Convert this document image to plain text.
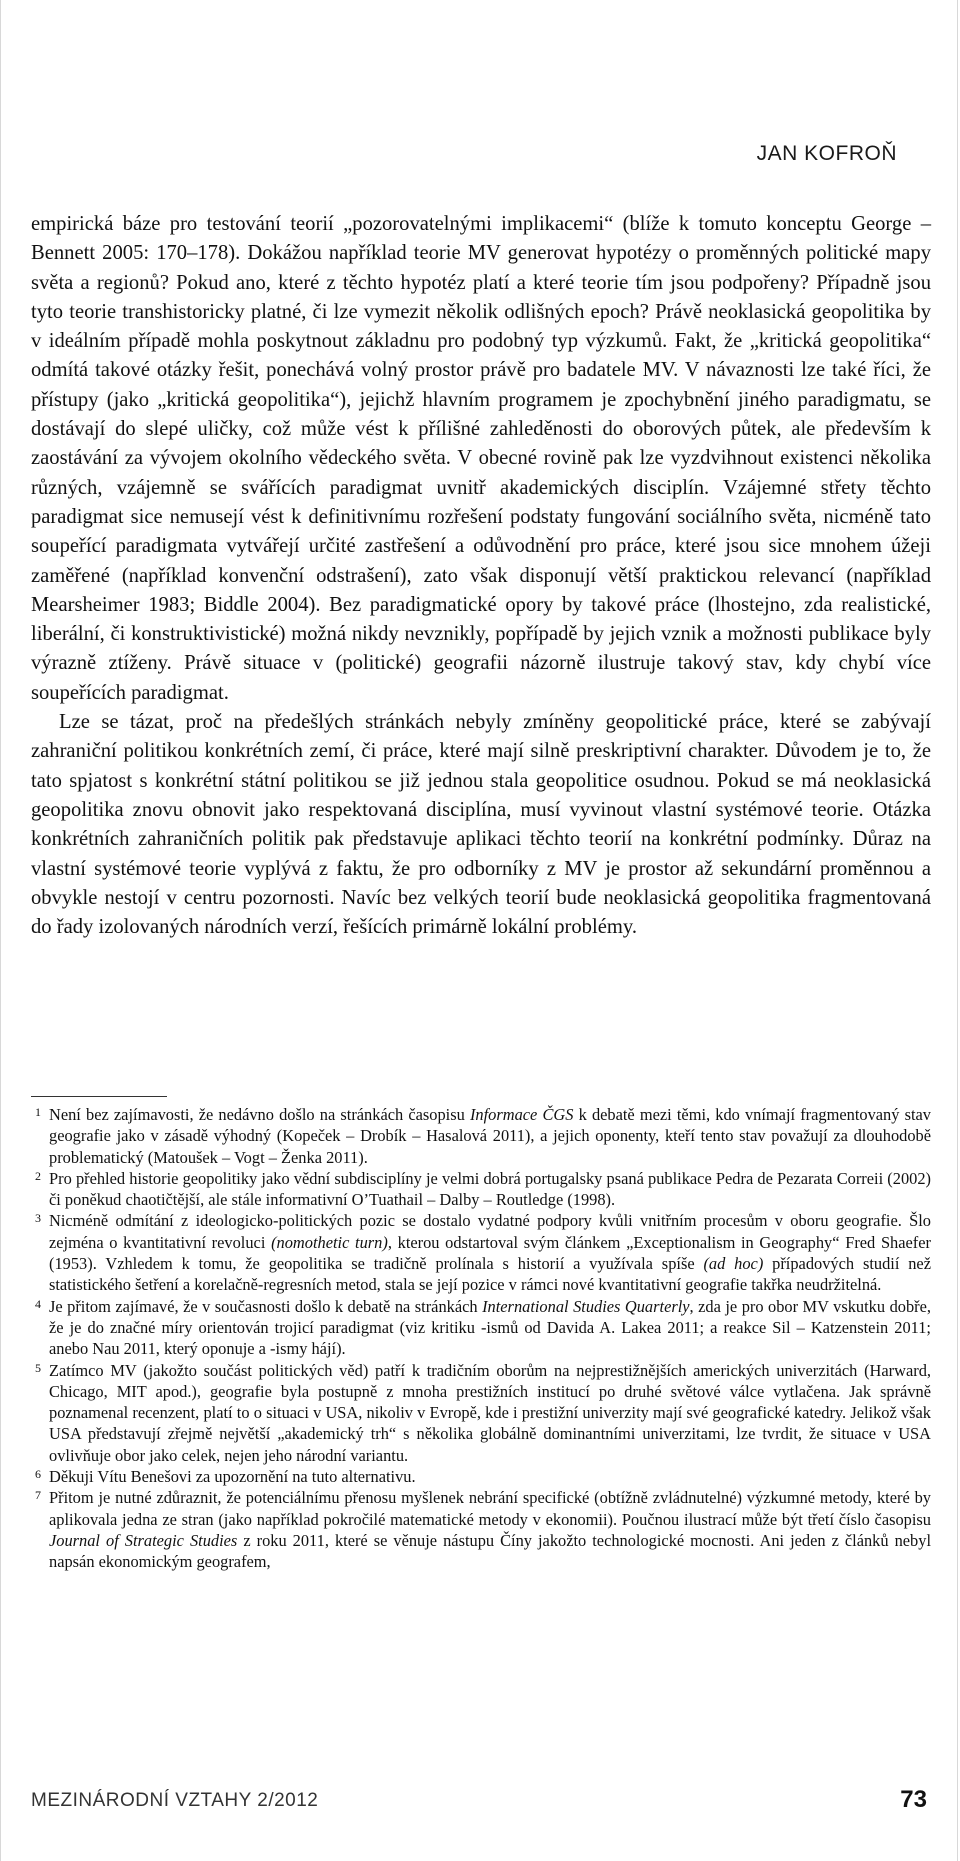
JAN KOFROŇ

empirická báze pro testování teorií „pozorovatelnými implikacemi“ (blíže k tomuto konceptu George – Bennett 2005: 170–178). Dokážou například teorie MV generovat hypotézy o proměnných politické mapy světa a regionů? Pokud ano, které z těchto hypotéz platí a které teorie tím jsou podpořeny? Případně jsou tyto teorie transhistoricky platné, či lze vymezit několik odlišných epoch? Právě neoklasická geopolitika by v ideálním případě mohla poskytnout základnu pro podobný typ výzkumů. Fakt, že „kritická geopolitika“ odmítá takové otázky řešit, ponechává volný prostor právě pro badatele MV. V návaznosti lze také říci, že přístupy (jako „kritická geopolitika“), jejichž hlavním programem je zpochybnění jiného paradigmatu, se dostávají do slepé uličky, což může vést k přílišné zahleděnosti do oborových půtek, ale především k zaostávání za vývojem okolního vědeckého světa. V obecné rovině pak lze vyzdvihnout existenci několika různých, vzájemně se svářících paradigmat uvnitř akademických disciplín. Vzájemné střety těchto paradigmat sice nemusejí vést k definitivnímu rozřešení podstaty fungování sociálního světa, nicméně tato soupeřící paradigmata vytvářejí určité zastřešení a odůvodnění pro práce, které jsou sice mnohem úžeji zaměřené (například konvenční odstrašení), zato však disponují větší praktickou relevancí (například Mearsheimer 1983; Biddle 2004). Bez paradigmatické opory by takové práce (lhostejno, zda realistické, liberální, či konstruktivistické) možná nikdy nevznikly, popřípadě by jejich vznik a možnosti publikace byly výrazně ztíženy. Právě situace v (politické) geografii názorně ilustruje takový stav, kdy chybí více soupeřících paradigmat.

Lze se tázat, proč na předešlých stránkách nebyly zmíněny geopolitické práce, které se zabývají zahraniční politikou konkrétních zemí, či práce, které mají silně preskriptivní charakter. Důvodem je to, že tato spjatost s konkrétní státní politikou se již jednou stala geopolitice osudnou. Pokud se má neoklasická geopolitika znovu obnovit jako respektovaná disciplína, musí vyvinout vlastní systémové teorie. Otázka konkrétních zahraničních politik pak představuje aplikaci těchto teorií na konkrétní podmínky. Důraz na vlastní systémové teorie vyplývá z faktu, že pro odborníky z MV je prostor až sekundární proměnnou a obvykle nestojí v centru pozornosti. Navíc bez velkých teorií bude neoklasická geopolitika fragmentovaná do řady izolovaných národních verzí, řešících primárně lokální problémy.

1 Není bez zajímavosti, že nedávno došlo na stránkách časopisu Informace ČGS k debatě mezi těmi, kdo vnímají fragmentovaný stav geografie jako v zásadě výhodný (Kopeček – Drobík – Hasalová 2011), a jejich oponenty, kteří tento stav považují za dlouhodobě problematický (Matoušek – Vogt – Ženka 2011).

2 Pro přehled historie geopolitiky jako vědní subdisciplíny je velmi dobrá portugalsky psaná publikace Pedra de Pezarata Correii (2002) či poněkud chaotičtější, ale stále informativní O’Tuathail – Dalby – Routledge (1998).

3 Nicméně odmítání z ideologicko-politických pozic se dostalo vydatné podpory kvůli vnitřním procesům v oboru geografie. Šlo zejména o kvantitativní revoluci (nomothetic turn), kterou odstartoval svým článkem „Exceptionalism in Geography“ Fred Shaefer (1953). Vzhledem k tomu, že geopolitika se tradičně prolínala s historií a využívala spíše (ad hoc) případových studií než statistického šetření a korelačně-regresních metod, stala se její pozice v rámci nové kvantitativní geografie takřka neudržitelná.

4 Je přitom zajímavé, že v současnosti došlo k debatě na stránkách International Studies Quarterly, zda je pro obor MV vskutku dobře, že je do značné míry orientován trojicí paradigmat (viz kritiku -ismů od Davida A. Lakea 2011; a reakce Sil – Katzenstein 2011; anebo Nau 2011, který oponuje a -ismy hájí).

5 Zatímco MV (jakožto součást politických věd) patří k tradičním oborům na nejprestižnějších amerických univerzitách (Harward, Chicago, MIT apod.), geografie byla postupně z mnoha prestižních institucí po druhé světové válce vytlačena. Jak správně poznamenal recenzent, platí to o situaci v USA, nikoliv v Evropě, kde i prestižní univerzity mají své geografické katedry. Jelikož však USA představují zřejmě největší „akademický trh“ s několika globálně dominantními univerzitami, lze tvrdit, že situace v USA ovlivňuje obor jako celek, nejen jeho národní variantu.

6 Děkuji Vítu Benešovi za upozornění na tuto alternativu.

7 Přitom je nutné zdůraznit, že potenciálnímu přenosu myšlenek nebrání specifické (obtížně zvládnutelné) výzkumné metody, které by aplikovala jedna ze stran (jako například pokročilé matematické metody v ekonomii). Poučnou ilustrací může být třetí číslo časopisu Journal of Strategic Studies z roku 2011, které se věnuje nástupu Číny jakožto technologické mocnosti. Ani jeden z článků nebyl napsán ekonomickým geografem,

MEZINÁRODNÍ VZTAHY 2/2012	73
